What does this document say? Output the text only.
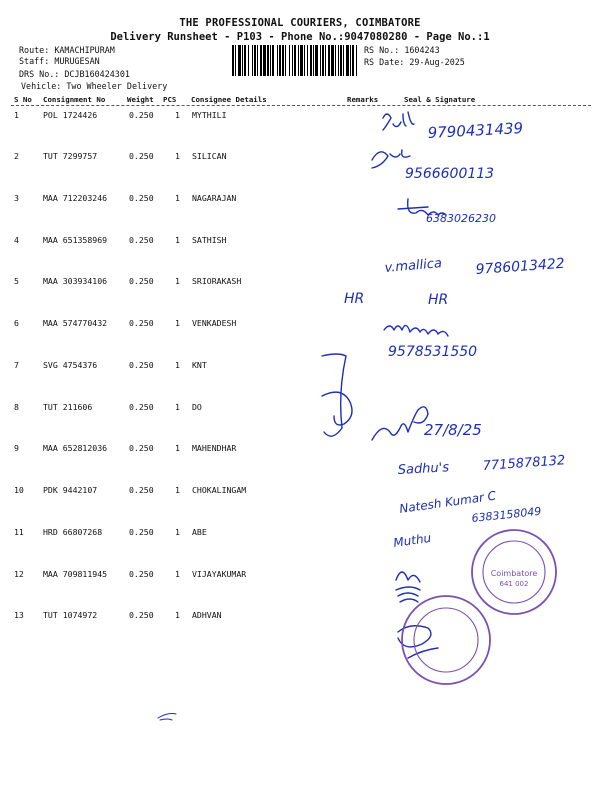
THE PROFESSIONAL COURIERS, COIMBATORE
Delivery Runsheet - P103 - Phone No.:9047080280 - Page No.:1
Route: KAMACHIPURAM
Staff: MURUGESAN
DRS No.: DCJB160424301
Vehicle: Two Wheeler Delivery
RS No.: 1604243
RS Date: 29-Aug-2025
S No Consignment No	Weight PCS Consignee Details	Remarks	Seal & Signature
1	POL 1724426	0.250	1 MYTHILI
2	TUT 7299757	0.250	1 SILICAN
3	MAA 712203246	0.250	1 NAGARAJAN
4	MAA 651358969	0.250	1 SATHISH
5	MAA 303934106	0.250	1 SRIORAKASH
6	MAA 574770432	0.250	1 VENKADESH
7	SVG 4754376	0.250	1 KNT
8	TUT 211606	0.250	1 DO
9	MAA 652812036	0.250	1 MAHENDHAR
10 PDK 9442107	0.250	1 CHOKALINGAM
11 HRD 66807268	0.250	1 ABE
12 MAA 709811945	0.250	1 VIJAYAKUMAR
13 TUT 1074972	0.250	1 ADHVAN
9790431439
9566600113
6383026230
v.mallica 9786013422
HR	HR
9578531550
27/8/25
Sadhu's	7715878132
Natesh Kumar C
6383158049
Muthu
Coimbatore
641 002
